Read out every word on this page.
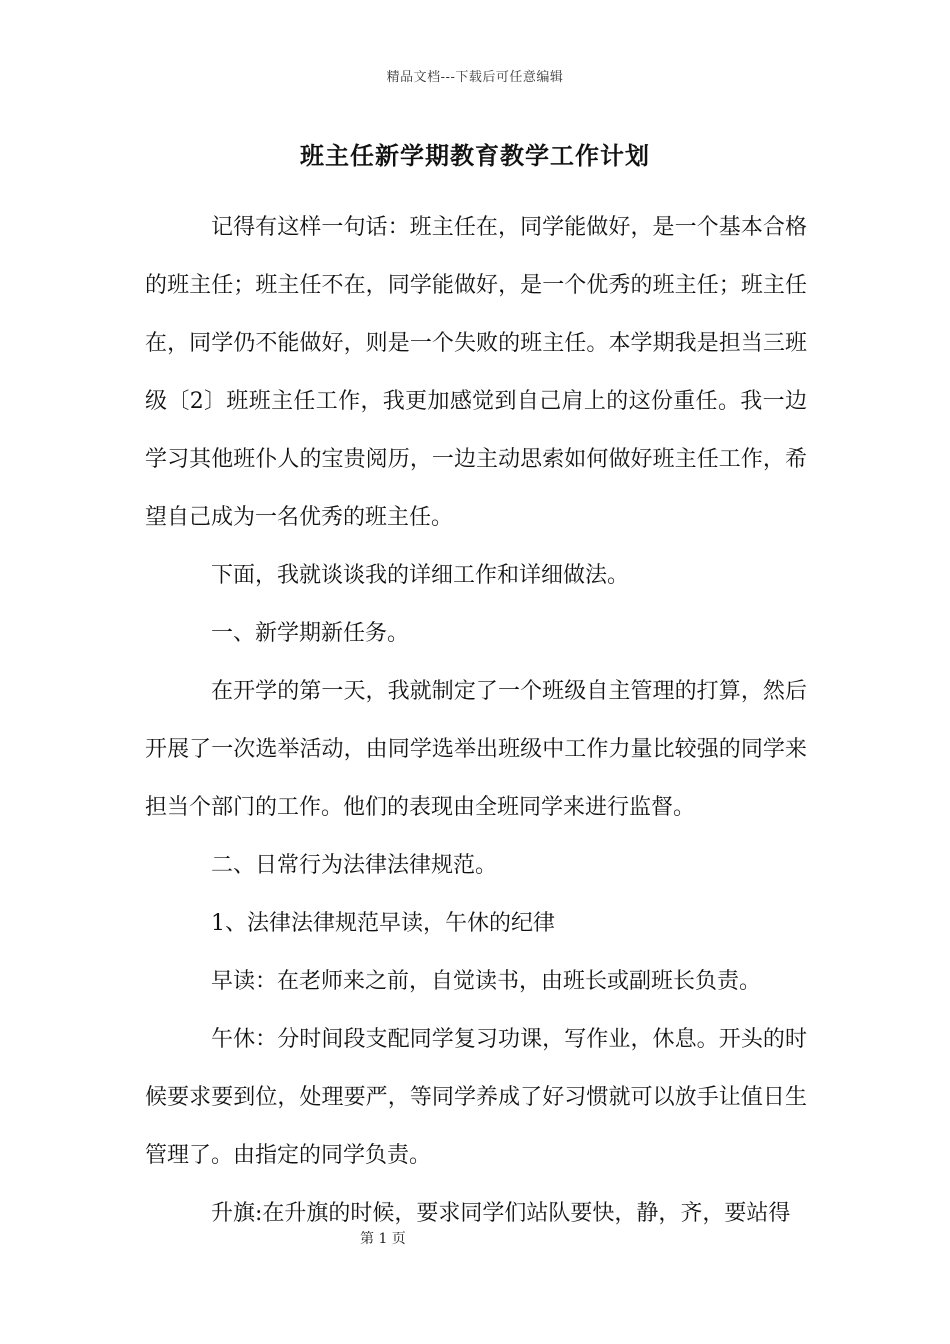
精品文档---下载后可任意编辑
班主任新学期教育教学工作计划

记得有这样一句话：班主任在，同学能做好，是一个基本合格的班主任；班主任不在，同学能做好，是一个优秀的班主任；班主任在，同学仍不能做好，则是一个失败的班主任。本学期我是担当三班级〔2〕班班主任工作，我更加感觉到自己肩上的这份重任。我一边学习其他班仆人的宝贵阅历，一边主动思索如何做好班主任工作，希望自己成为一名优秀的班主任。

下面，我就谈谈我的详细工作和详细做法。

一、新学期新任务。

在开学的第一天，我就制定了一个班级自主管理的打算，然后开展了一次选举活动，由同学选举出班级中工作力量比较强的同学来担当个部门的工作。他们的表现由全班同学来进行监督。

二、日常行为法律法律规范。

1、法律法律规范早读，午休的纪律

早读：在老师来之前，自觉读书，由班长或副班长负责。

午休：分时间段支配同学复习功课，写作业，休息。开头的时候要求要到位，处理要严，等同学养成了好习惯就可以放手让值日生管理了。由指定的同学负责。

升旗:在升旗的时候，要求同学们站队要快，静，齐，要站得

第 1 页
